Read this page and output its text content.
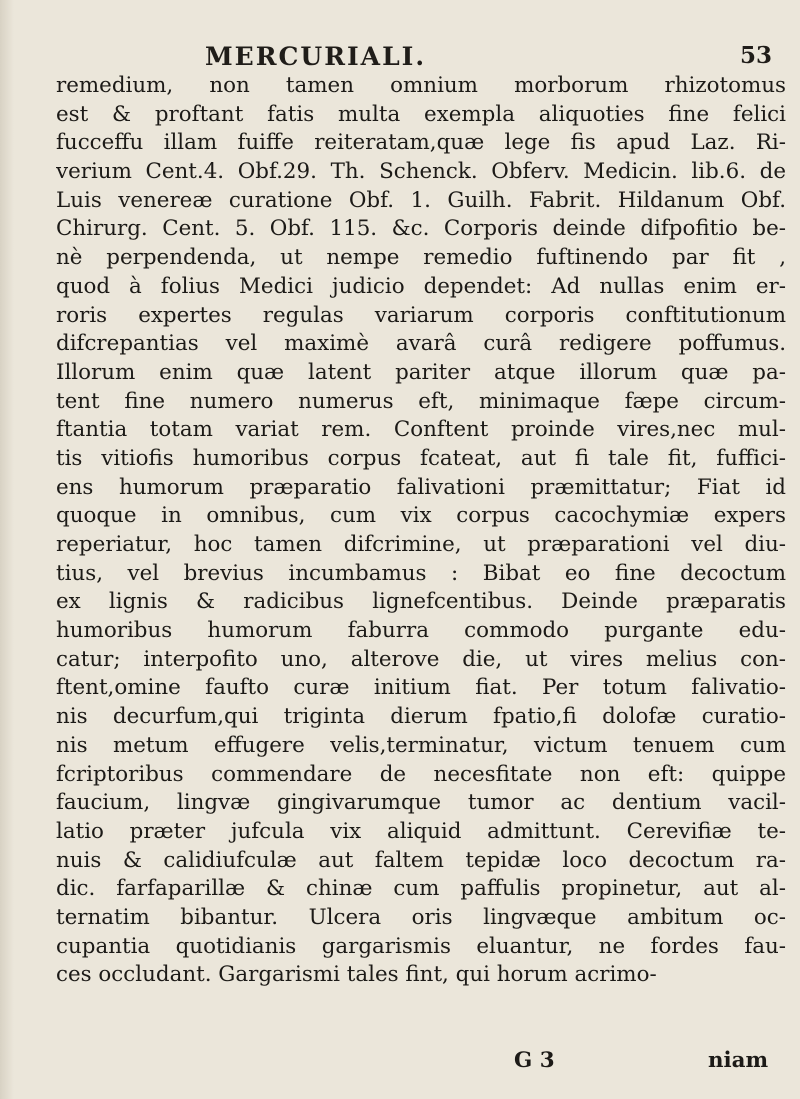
MERCURIALI.	53
remedium, non tamen omnium morborum rhizotomus
est & proftant fatis multa exempla aliquoties fine felici
fucceffu illam fuiffe reiteratam,quæ lege fis apud Laz. Ri-
verium Cent.4. Obf.29. Th. Schenck. Obferv. Medicin. lib.6. de
Luis venereæ curatione Obf. 1. Guilh. Fabrit. Hildanum Obf.
Chirurg. Cent. 5. Obf. 115. &c. Corporis deinde difpofitio be-
nè perpendenda, ut nempe remedio fuftinendo par fit ,
quod à folius Medici judicio dependet: Ad nullas enim er-
roris expertes regulas variarum corporis conftitutionum
difcrepantias vel maximè avarâ curâ redigere poffumus.
Illorum enim quæ latent pariter atque illorum quæ pa-
tent fine numero numerus eft, minimaque fæpe circum-
ftantia totam variat rem. Conftent proinde vires,nec mul-
tis vitiofis humoribus corpus fcateat, aut fi tale fit, fuffici-
ens humorum præparatio falivationi præmittatur; Fiat id
quoque in omnibus, cum vix corpus cacochymiæ expers
reperiatur, hoc tamen difcrimine, ut præparationi vel diu-
tius, vel brevius incumbamus : Bibat eo fine decoctum
ex lignis & radicibus lignefcentibus. Deinde præparatis
humoribus humorum faburra commodo purgante edu-
catur; interpofito uno, alterove die, ut vires melius con-
ftent,omine faufto curæ initium fiat. Per totum falivatio-
nis decurfum,qui triginta dierum fpatio,fi dolofæ curatio-
nis metum effugere velis,terminatur, victum tenuem cum
fcriptoribus commendare de necesfitate non eft: quippe
faucium, lingvæ gingivarumque tumor ac dentium vacil-
latio præter jufcula vix aliquid admittunt. Cerevifiæ te-
nuis & calidiufculæ aut faltem tepidæ loco decoctum ra-
dic. farfaparillæ & chinæ cum paffulis propinetur, aut al-
ternatim bibantur. Ulcera oris lingvæque ambitum oc-
cupantia quotidianis gargarismis eluantur, ne fordes fau-
ces occludant. Gargarismi tales fint, qui horum acrimo-
G 3	niam
